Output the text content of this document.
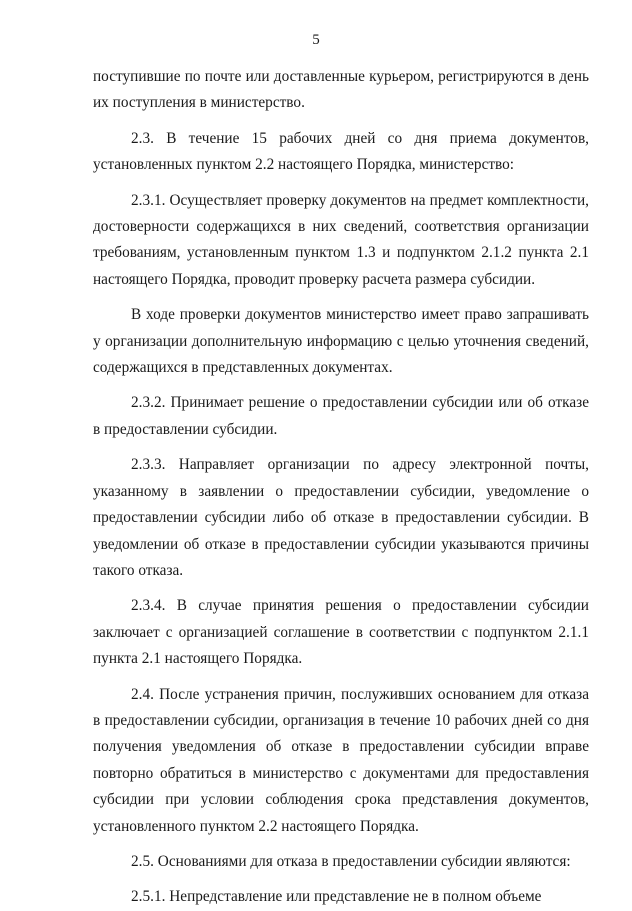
5

поступившие по почте или доставленные курьером, регистрируются в день их поступления в министерство.

2.3. В течение 15 рабочих дней со дня приема документов, установленных пунктом 2.2 настоящего Порядка, министерство:

2.3.1. Осуществляет проверку документов на предмет комплектности, достоверности содержащихся в них сведений, соответствия организации требованиям, установленным пунктом 1.3 и подпунктом 2.1.2 пункта 2.1 настоящего Порядка, проводит проверку расчета размера субсидии.

В ходе проверки документов министерство имеет право запрашивать у организации дополнительную информацию с целью уточнения сведений, содержащихся в представленных документах.

2.3.2. Принимает решение о предоставлении субсидии или об отказе в предоставлении субсидии.

2.3.3. Направляет организации по адресу электронной почты, указанному в заявлении о предоставлении субсидии, уведомление о предоставлении субсидии либо об отказе в предоставлении субсидии. В уведомлении об отказе в предоставлении субсидии указываются причины такого отказа.

2.3.4. В случае принятия решения о предоставлении субсидии заключает с организацией соглашение в соответствии с подпунктом 2.1.1 пункта 2.1 настоящего Порядка.

2.4. После устранения причин, послуживших основанием для отказа в предоставлении субсидии, организация в течение 10 рабочих дней со дня получения уведомления об отказе в предоставлении субсидии вправе повторно обратиться в министерство с документами для предоставления субсидии при условии соблюдения срока представления документов, установленного пунктом 2.2 настоящего Порядка.

2.5. Основаниями для отказа в предоставлении субсидии являются:

2.5.1. Непредставление или представление не в полном объеме
